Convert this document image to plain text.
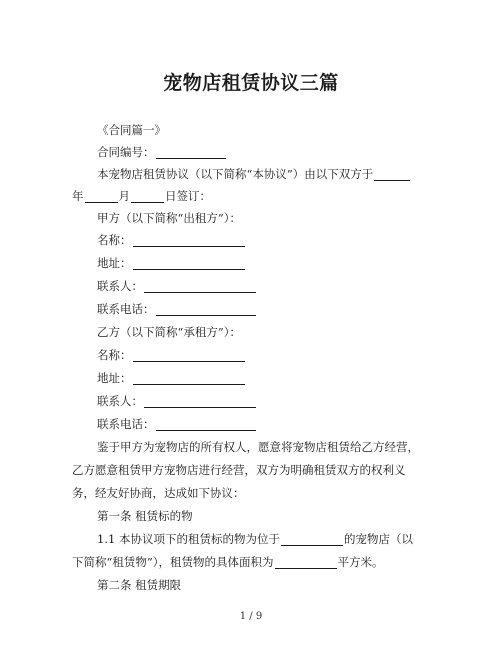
宠物店租赁协议三篇
《合同篇一》
合同编号：
本宠物店租赁协议（以下简称“本协议”）由以下双方于
年	月	日签订：
甲方（以下简称“出租方”）：
名称：
地址：
联系人：
联系电话：
乙方（以下简称“承租方”）：
名称：
地址：
联系人：
联系电话：
鉴于甲方为宠物店的所有权人，愿意将宠物店租赁给乙方经营，
乙方愿意租赁甲方宠物店进行经营，双方为明确租赁双方的权利义
务，经友好协商，达成如下协议：
第一条 租赁标的物
1.1 本协议项下的租赁标的物为位于	的宠物店（以
下简称“租赁物”），租赁物的具体面积为	平方米。
第二条 租赁期限
1 / 9
